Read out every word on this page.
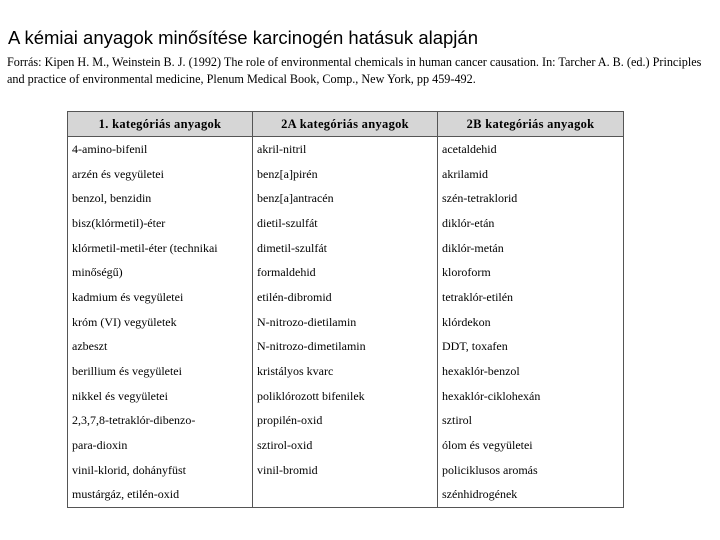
A kémiai anyagok minősítése karcinogén hatásuk alapján
Forrás: Kipen H. M., Weinstein B. J. (1992) The role of environmental chemicals in human cancer causation. In: Tarcher A. B. (ed.) Principles and practice of environmental medicine, Plenum Medical Book, Comp., New York, pp 459-492.
1. kategóriás anyagok	2A kategóriás anyagok	2B kategóriás anyagok
4-amino-bifenil	akril-nitril	acetaldehid
arzén és vegyületei	benz[a]pirén	akrilamid
benzol, benzidin	benz[a]antracén	szén-tetraklorid
bisz(klórmetil)-éter	dietil-szulfát	diklór-etán
klórmetil-metil-éter (technikai	dimetil-szulfát	diklór-metán
minőségű)	formaldehid	kloroform
kadmium és vegyületei	etilén-dibromid	tetraklór-etilén
króm (VI) vegyületek	N-nitrozo-dietilamin	klórdekon
azbeszt	N-nitrozo-dimetilamin	DDT, toxafen
berillium és vegyületei	kristályos kvarc	hexaklór-benzol
nikkel és vegyületei	poliklórozott bifenilek	hexaklór-ciklohexán
2,3,7,8-tetraklór-dibenzo-	propilén-oxid	sztirol
para-dioxin	sztirol-oxid	ólom és vegyületei
vinil-klorid, dohányfüst	vinil-bromid	policiklusos aromás
mustárgáz, etilén-oxid		szénhidrogének
